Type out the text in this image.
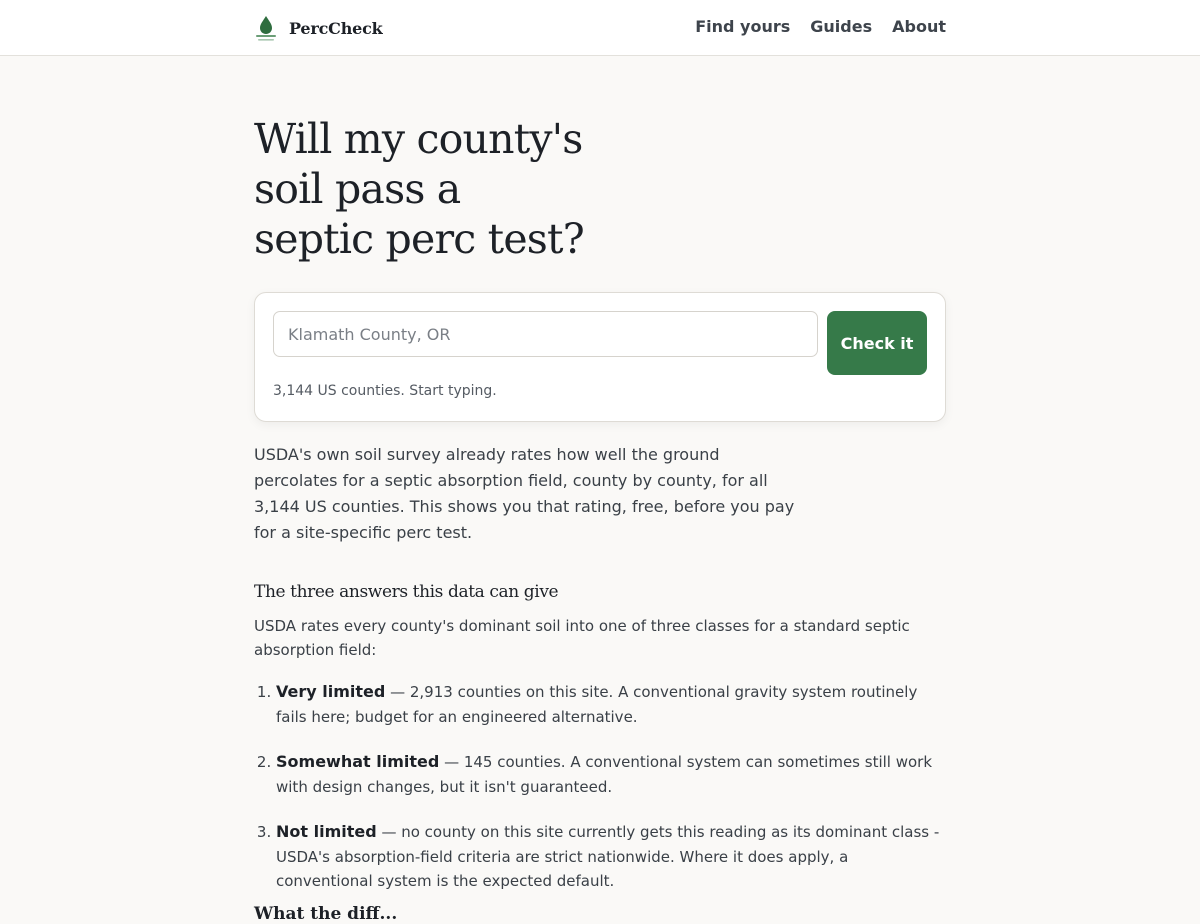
PercCheck	Find yours Guides About
Will my county's
soil pass a
septic perc test?
Klamath County, OR
Check it
3,144 US counties. Start typing.

USDA's own soil survey already rates how well the ground percolates for a septic absorption field, county by county, for all 3,144 US counties. This shows you that rating, free, before you pay for a site-specific perc test.

The three answers this data can give

USDA rates every county's dominant soil into one of three classes for a standard septic absorption field:

1. Very limited — 2,913 counties on this site. A conventional gravity system routinely fails here; budget for an engineered alternative.
2. Somewhat limited — 145 counties. A conventional system can sometimes still work with design changes, but it isn't guaranteed.
3. Not limited — no county on this site currently gets this reading as its dominant class - USDA's absorption-field criteria are strict nationwide. Where it does apply, a conventional system is the expected default.
What the diff...
